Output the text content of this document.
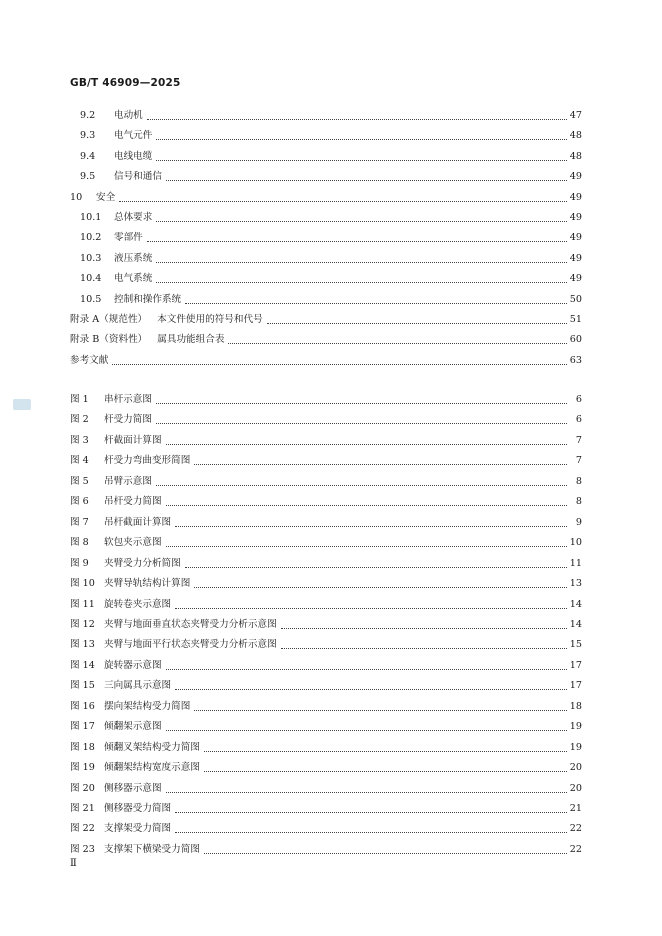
GB/T 46909—2025
9.2	电动机	47
9.3	电气元件	48
9.4	电线电缆	48
9.5	信号和通信	49
10	安全	49
10.1	总体要求	49
10.2	零部件	49
10.3	液压系统	49
10.4	电气系统	49
10.5	控制和操作系统	50
附录 A（规范性） 本文件使用的符号和代号	51
附录 B（资料性） 属具功能组合表	60
参考文献	63
图 1	串杆示意图	6
图 2	杆受力简图	6
图 3	杆截面计算图	7
图 4	杆受力弯曲变形简图	7
图 5	吊臂示意图	8
图 6	吊杆受力简图	8
图 7	吊杆截面计算图	9
图 8	软包夹示意图	10
图 9	夹臂受力分析简图	11
图 10 夹臂导轨结构计算图	13
图 11 旋转卷夹示意图	14
图 12 夹臂与地面垂直状态夹臂受力分析示意图	14
图 13 夹臂与地面平行状态夹臂受力分析示意图	15
图 14 旋转器示意图	17
图 15 三向属具示意图	17
图 16 摆向架结构受力简图	18
图 17 倾翻架示意图	19
图 18 倾翻叉架结构受力简图	19
图 19 倾翻架结构宽度示意图	20
图 20 侧移器示意图	20
图 21 侧移器受力简图	21
图 22 支撑架受力简图	22
图 23 支撑架下横梁受力简图	22
Ⅱ
